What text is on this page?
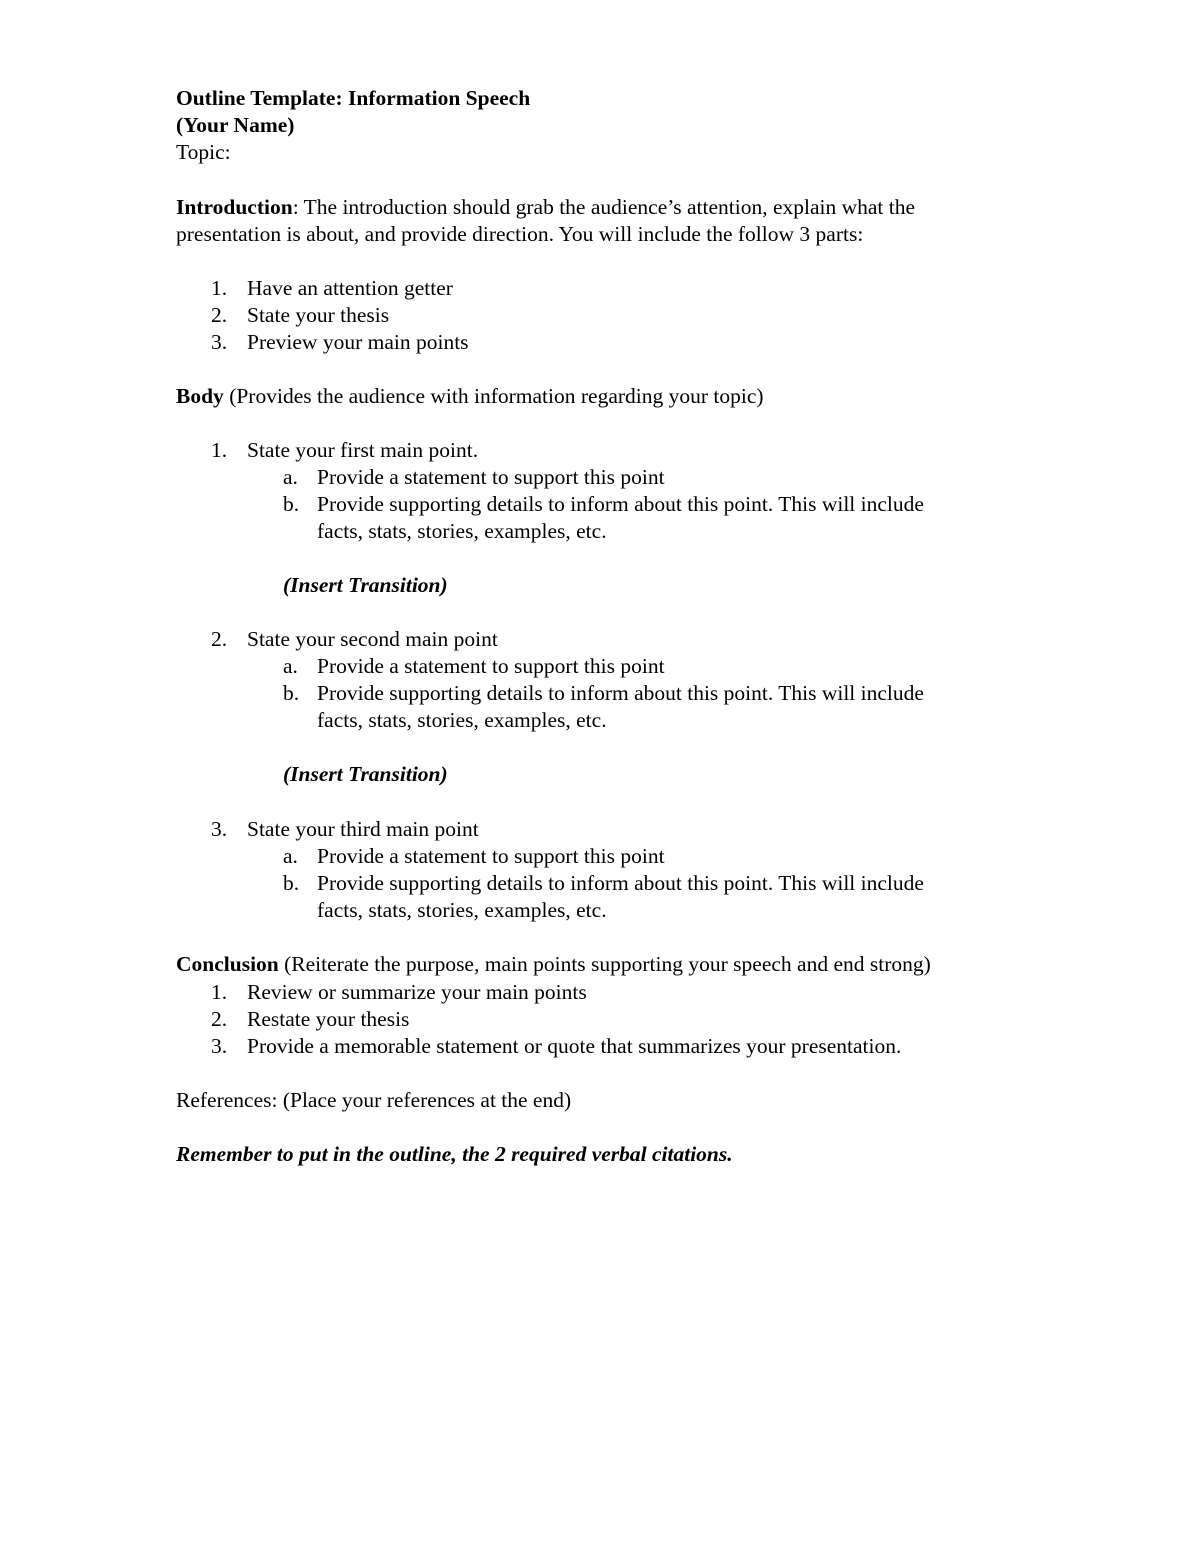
Outline Template: Information Speech
(Your Name)
Topic:
Introduction: The introduction should grab the audience’s attention, explain what the
presentation is about, and provide direction. You will include the follow 3 parts:
1. Have an attention getter
2. State your thesis
3. Preview your main points
Body (Provides the audience with information regarding your topic)
1. State your first main point.
a. Provide a statement to support this point
b. Provide supporting details to inform about this point. This will include
facts, stats, stories, examples, etc.
(Insert Transition)
2. State your second main point
a. Provide a statement to support this point
b. Provide supporting details to inform about this point. This will include
facts, stats, stories, examples, etc.
(Insert Transition)
3. State your third main point
a. Provide a statement to support this point
b. Provide supporting details to inform about this point. This will include
facts, stats, stories, examples, etc.
Conclusion (Reiterate the purpose, main points supporting your speech and end strong)
1. Review or summarize your main points
2. Restate your thesis
3. Provide a memorable statement or quote that summarizes your presentation.
References: (Place your references at the end)
Remember to put in the outline, the 2 required verbal citations.
